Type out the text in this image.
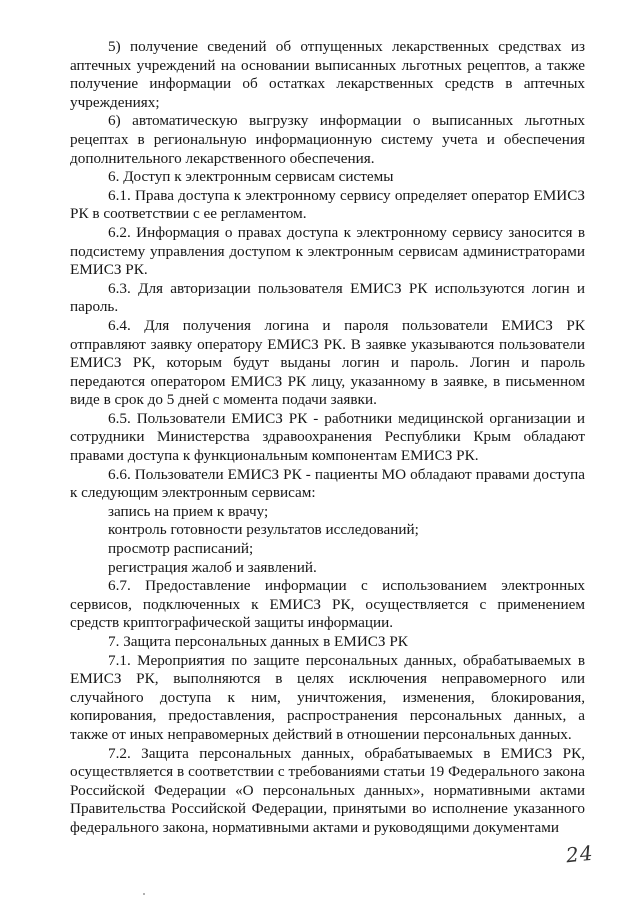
5) получение сведений об отпущенных лекарственных средствах из аптечных учреждений на основании выписанных льготных рецептов, а также получение информации об остатках лекарственных средств в аптечных учреждениях;

6) автоматическую выгрузку информации о выписанных льготных рецептах в региональную информационную систему учета и обеспечения дополнительного лекарственного обеспечения.

6. Доступ к электронным сервисам системы

6.1. Права доступа к электронному сервису определяет оператор ЕМИСЗ РК в соответствии с ее регламентом.

6.2. Информация о правах доступа к электронному сервису заносится в подсистему управления доступом к электронным сервисам администраторами ЕМИСЗ РК.

6.3. Для авторизации пользователя ЕМИСЗ РК используются логин и пароль.

6.4. Для получения логина и пароля пользователи ЕМИСЗ РК отправляют заявку оператору ЕМИСЗ РК. В заявке указываются пользователи ЕМИСЗ РК, которым будут выданы логин и пароль. Логин и пароль передаются оператором ЕМИСЗ РК лицу, указанному в заявке, в письменном виде в срок до 5 дней с момента подачи заявки.

6.5. Пользователи ЕМИСЗ РК - работники медицинской организации и сотрудники Министерства здравоохранения Республики Крым обладают правами доступа к функциональным компонентам ЕМИСЗ РК.

6.6. Пользователи ЕМИСЗ РК - пациенты МО обладают правами доступа к следующим электронным сервисам:

запись на прием к врачу;

контроль готовности результатов исследований;

просмотр расписаний;

регистрация жалоб и заявлений.

6.7. Предоставление информации с использованием электронных сервисов, подключенных к ЕМИСЗ РК, осуществляется с применением средств криптографической защиты информации.

7. Защита персональных данных в ЕМИСЗ РК

7.1. Мероприятия по защите персональных данных, обрабатываемых в ЕМИСЗ РК, выполняются в целях исключения неправомерного или случайного доступа к ним, уничтожения, изменения, блокирования, копирования, предоставления, распространения персональных данных, а также от иных неправомерных действий в отношении персональных данных.

7.2. Защита персональных данных, обрабатываемых в ЕМИСЗ РК, осуществляется в соответствии с требованиями статьи 19 Федерального закона Российской Федерации «О персональных данных», нормативными актами Правительства Российской Федерации, принятыми во исполнение указанного федерального закона, нормативными актами и руководящими документами

24
